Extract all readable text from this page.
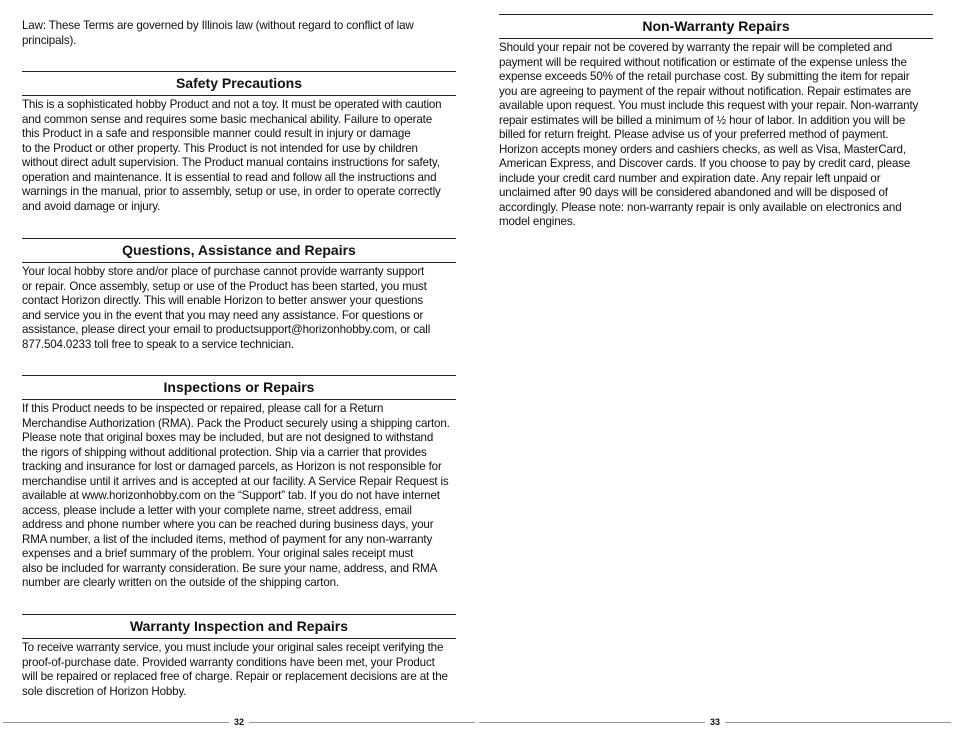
Law: These Terms are governed by Illinois law (without regard to conflict of law
principals).

Safety Precautions

This is a sophisticated hobby Product and not a toy. It must be operated with caution
and common sense and requires some basic mechanical ability. Failure to operate
this Product in a safe and responsible manner could result in injury or damage
to the Product or other property. This Product is not intended for use by children
without direct adult supervision. The Product manual contains instructions for safety,
operation and maintenance. It is essential to read and follow all the instructions and
warnings in the manual, prior to assembly, setup or use, in order to operate correctly
and avoid damage or injury.

Questions, Assistance and Repairs

Your local hobby store and/or place of purchase cannot provide warranty support
or repair. Once assembly, setup or use of the Product has been started, you must
contact Horizon directly. This will enable Horizon to better answer your questions
and service you in the event that you may need any assistance. For questions or
assistance, please direct your email to productsupport@horizonhobby.com, or call
877.504.0233 toll free to speak to a service technician.

Inspections or Repairs

If this Product needs to be inspected or repaired, please call for a Return
Merchandise Authorization (RMA). Pack the Product securely using a shipping carton.
Please note that original boxes may be included, but are not designed to withstand
the rigors of shipping without additional protection. Ship via a carrier that provides
tracking and insurance for lost or damaged parcels, as Horizon is not responsible for
merchandise until it arrives and is accepted at our facility. A Service Repair Request is
available at www.horizonhobby.com on the “Support” tab. If you do not have internet
access, please include a letter with your complete name, street address, email
address and phone number where you can be reached during business days, your
RMA number, a list of the included items, method of payment for any non-warranty
expenses and a brief summary of the problem. Your original sales receipt must
also be included for warranty consideration. Be sure your name, address, and RMA
number are clearly written on the outside of the shipping carton.

Warranty Inspection and Repairs

To receive warranty service, you must include your original sales receipt verifying the
proof-of-purchase date. Provided warranty conditions have been met, your Product
will be repaired or replaced free of charge. Repair or replacement decisions are at the
sole discretion of Horizon Hobby.

Non-Warranty Repairs

Should your repair not be covered by warranty the repair will be completed and
payment will be required without notification or estimate of the expense unless the
expense exceeds 50% of the retail purchase cost. By submitting the item for repair
you are agreeing to payment of the repair without notification. Repair estimates are
available upon request. You must include this request with your repair. Non-warranty
repair estimates will be billed a minimum of ½ hour of labor. In addition you will be
billed for return freight. Please advise us of your preferred method of payment.
Horizon accepts money orders and cashiers checks, as well as Visa, MasterCard,
American Express, and Discover cards. If you choose to pay by credit card, please
include your credit card number and expiration date. Any repair left unpaid or
unclaimed after 90 days will be considered abandoned and will be disposed of
accordingly. Please note: non-warranty repair is only available on electronics and
model engines.

32	33
